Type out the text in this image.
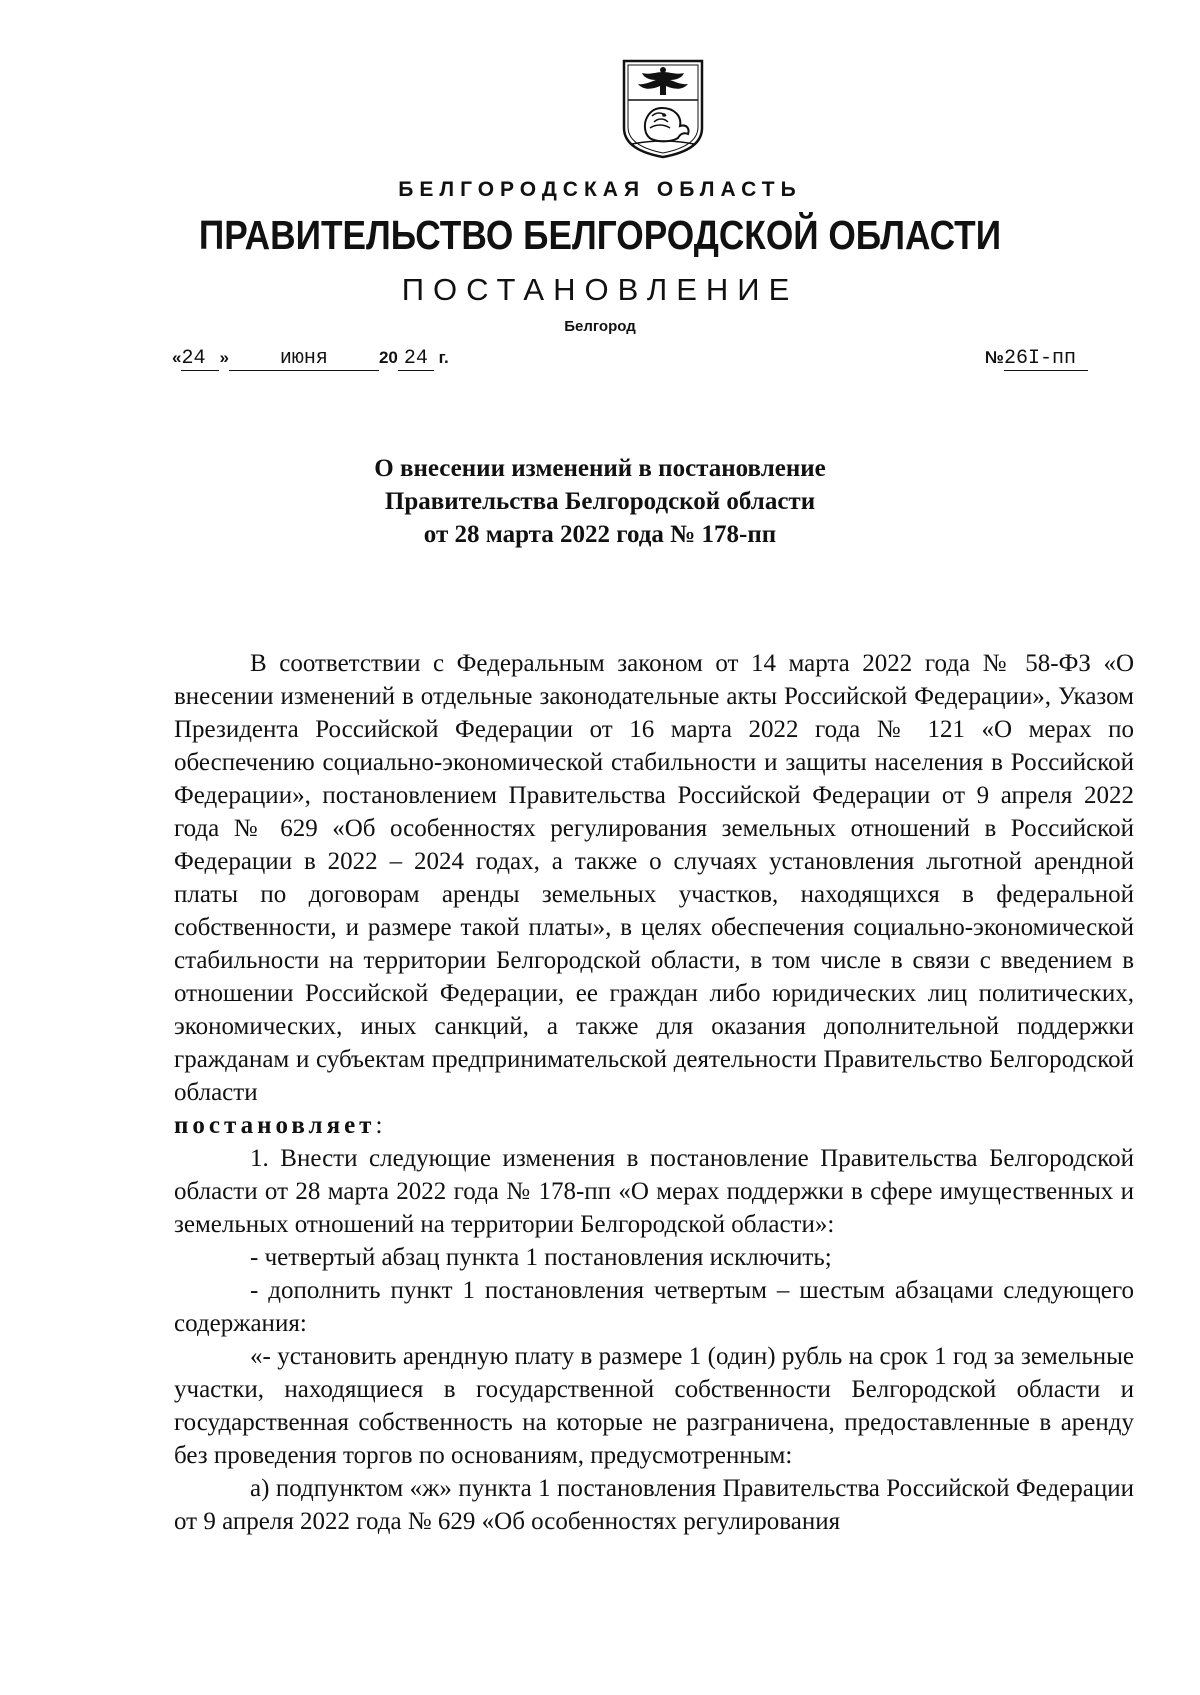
БЕЛГОРОДСКАЯ ОБЛАСТЬ
ПРАВИТЕЛЬСТВО БЕЛГОРОДСКОЙ ОБЛАСТИ
ПОСТАНОВЛЕНИЕ
Белгород
«24 »	июня	20 24 г.	№26I-пп
О внесении изменений в постановление
Правительства Белгородской области
от 28 марта 2022 года № 178-пп

В соответствии с Федеральным законом от 14 марта 2022 года № 58-ФЗ «О внесении изменений в отдельные законодательные акты Российской Федерации», Указом Президента Российской Федерации от 16 марта 2022 года № 121 «О мерах по обеспечению социально-экономической стабильности и защиты населения в Российской Федерации», постановлением Правительства Российской Федерации от 9 апреля 2022 года № 629 «Об особенностях регулирования земельных отношений в Российской Федерации в 2022 – 2024 годах, а также о случаях установления льготной арендной платы по договорам аренды земельных участков, находящихся в федеральной собственности, и размере такой платы», в целях обеспечения социально-экономической стабильности на территории Белгородской области, в том числе в связи с введением в отношении Российской Федерации, ее граждан либо юридических лиц политических, экономических, иных санкций, а также для оказания дополнительной поддержки гражданам и субъектам предпринимательской деятельности Правительство Белгородской области

постановляет:

1. Внести следующие изменения в постановление Правительства Белгородской области от 28 марта 2022 года № 178-пп «О мерах поддержки в сфере имущественных и земельных отношений на территории Белгородской области»:

- четвертый абзац пункта 1 постановления исключить;

- дополнить пункт 1 постановления четвертым – шестым абзацами следующего содержания:

«- установить арендную плату в размере 1 (один) рубль на срок 1 год за земельные участки, находящиеся в государственной собственности Белгородской области и государственная собственность на которые не разграничена, предоставленные в аренду без проведения торгов по основаниям, предусмотренным:

а) подпунктом «ж» пункта 1 постановления Правительства Российской Федерации от 9 апреля 2022 года № 629 «Об особенностях регулирования
